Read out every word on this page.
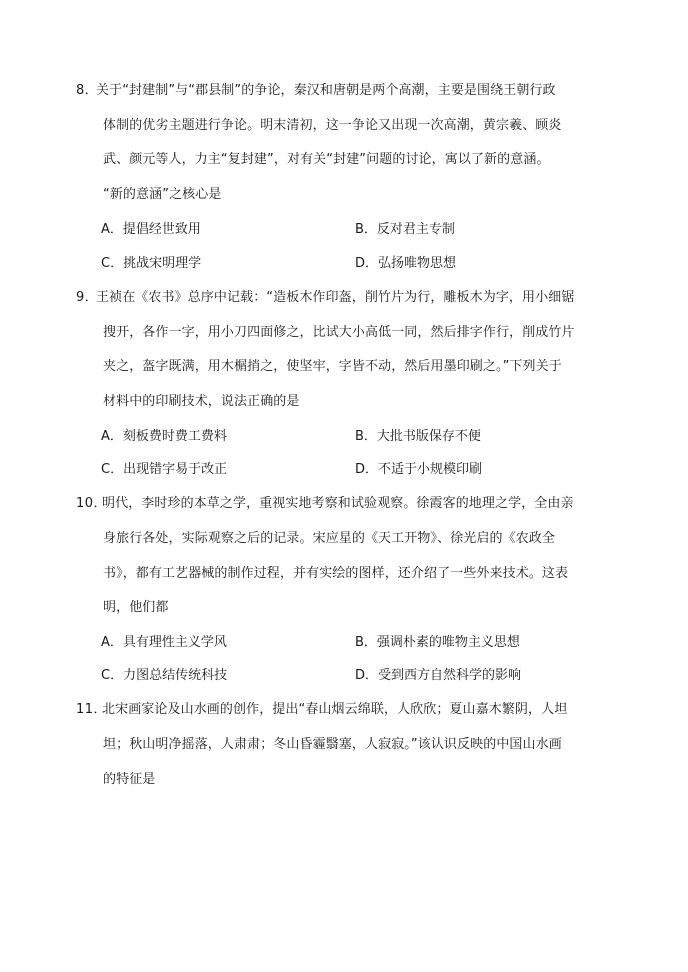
8．
关于“封建制”与“郡县制”的争论，秦汉和唐朝是两个高潮，主要是围绕王朝行政
体制的优劣主题进行争论。明末清初，这一争论又出现一次高潮，黄宗羲、顾炎
武、颜元等人，力主“复封建”，对有关“封建”问题的讨论，寓以了新的意涵。
“新的意涵”之核心是
A．提倡经世致用	B．反对君主专制
C．挑战宋明理学	D．弘扬唯物思想
9．
王祯在《农书》总序中记载：“造板木作印盔，削竹片为行，雕板木为字，用小细锯
搜开，各作一字，用小刀四面修之，比试大小高低一同，然后排字作行，削成竹片
夹之，盔字既满，用木榍捎之，使坚牢，字皆不动，然后用墨印刷之。”下列关于
材料中的印刷技术，说法正确的是
A．刻板费时费工费料	B．大批书版保存不便
C．出现错字易于改正	D．不适于小规模印刷
10．
明代，李时珍的本草之学，重视实地考察和试验观察。徐霞客的地理之学，全由亲
身旅行各处，实际观察之后的记录。宋应星的《天工开物》、徐光启的《农政全
书》，都有工艺器械的制作过程，并有实绘的图样，还介绍了一些外来技术。这表
明，他们都
A．具有理性主义学风	B．强调朴素的唯物主义思想
C．力图总结传统科技	D．受到西方自然科学的影响
11．
北宋画家论及山水画的创作，提出“春山烟云绵联，人欣欣；夏山嘉木繁阴，人坦
坦；秋山明净摇落，人肃肃；冬山昏霾翳塞，人寂寂。”该认识反映的中国山水画
的特征是
